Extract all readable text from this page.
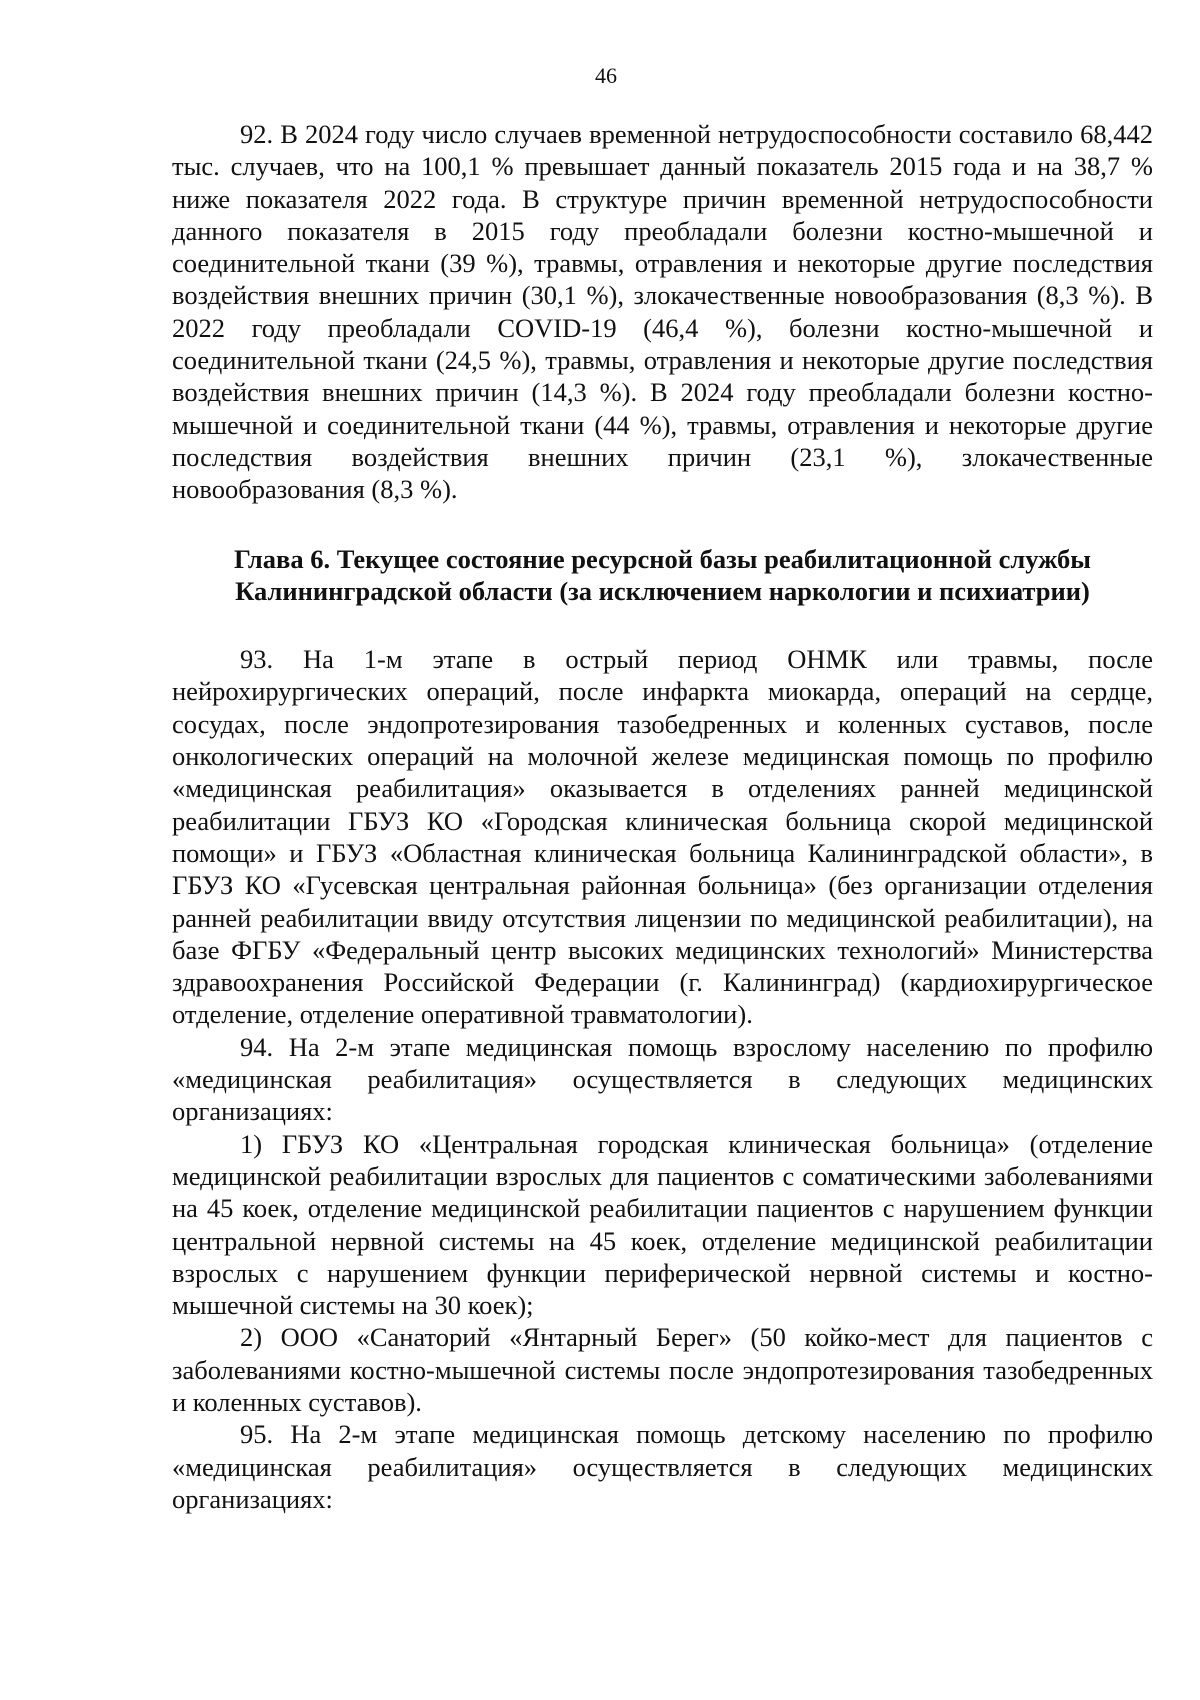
46

92. В 2024 году число случаев временной нетрудоспособности составило 68,442 тыс. случаев, что на 100,1 % превышает данный показатель 2015 года и на 38,7 % ниже показателя 2022 года. В структуре причин временной нетрудоспособности данного показателя в 2015 году преобладали болезни костно-мышечной и соединительной ткани (39 %), травмы, отравления и некоторые другие последствия воздействия внешних причин (30,1 %), злокачественные новообразования (8,3 %). В 2022 году преобладали COVID-19 (46,4 %), болезни костно-мышечной и соединительной ткани (24,5 %), травмы, отравления и некоторые другие последствия воздействия внешних причин (14,3 %). В 2024 году преобладали болезни костно-мышечной и соединительной ткани (44 %), травмы, отравления и некоторые другие последствия воздействия внешних причин (23,1 %), злокачественные новообразования (8,3 %).

Глава 6. Текущее состояние ресурсной базы реабилитационной службы
Калининградской области (за исключением наркологии и психиатрии)

93. На 1-м этапе в острый период ОНМК или травмы, после нейрохирургических операций, после инфаркта миокарда, операций на сердце, сосудах, после эндопротезирования тазобедренных и коленных суставов, после онкологических операций на молочной железе медицинская помощь по профилю «медицинская реабилитация» оказывается в отделениях ранней медицинской реабилитации ГБУЗ КО «Городская клиническая больница скорой медицинской помощи» и ГБУЗ «Областная клиническая больница Калининградской области», в ГБУЗ КО «Гусевская центральная районная больница» (без организации отделения ранней реабилитации ввиду отсутствия лицензии по медицинской реабилитации), на базе ФГБУ «Федеральный центр высоких медицинских технологий» Министерства здравоохранения Российской Федерации (г. Калининград) (кардиохирургическое отделение, отделение оперативной травматологии).

94. На 2-м этапе медицинская помощь взрослому населению по профилю «медицинская реабилитация» осуществляется в следующих медицинских организациях:

1) ГБУЗ КО «Центральная городская клиническая больница» (отделение медицинской реабилитации взрослых для пациентов с соматическими заболеваниями на 45 коек, отделение медицинской реабилитации пациентов с нарушением функции центральной нервной системы на 45 коек, отделение медицинской реабилитации взрослых с нарушением функции периферической нервной системы и костно-мышечной системы на 30 коек);

2) ООО «Санаторий «Янтарный Берег» (50 койко-мест для пациентов с заболеваниями костно-мышечной системы после эндопротезирования тазобедренных и коленных суставов).

95. На 2-м этапе медицинская помощь детскому населению по профилю «медицинская реабилитация» осуществляется в следующих медицинских организациях:
